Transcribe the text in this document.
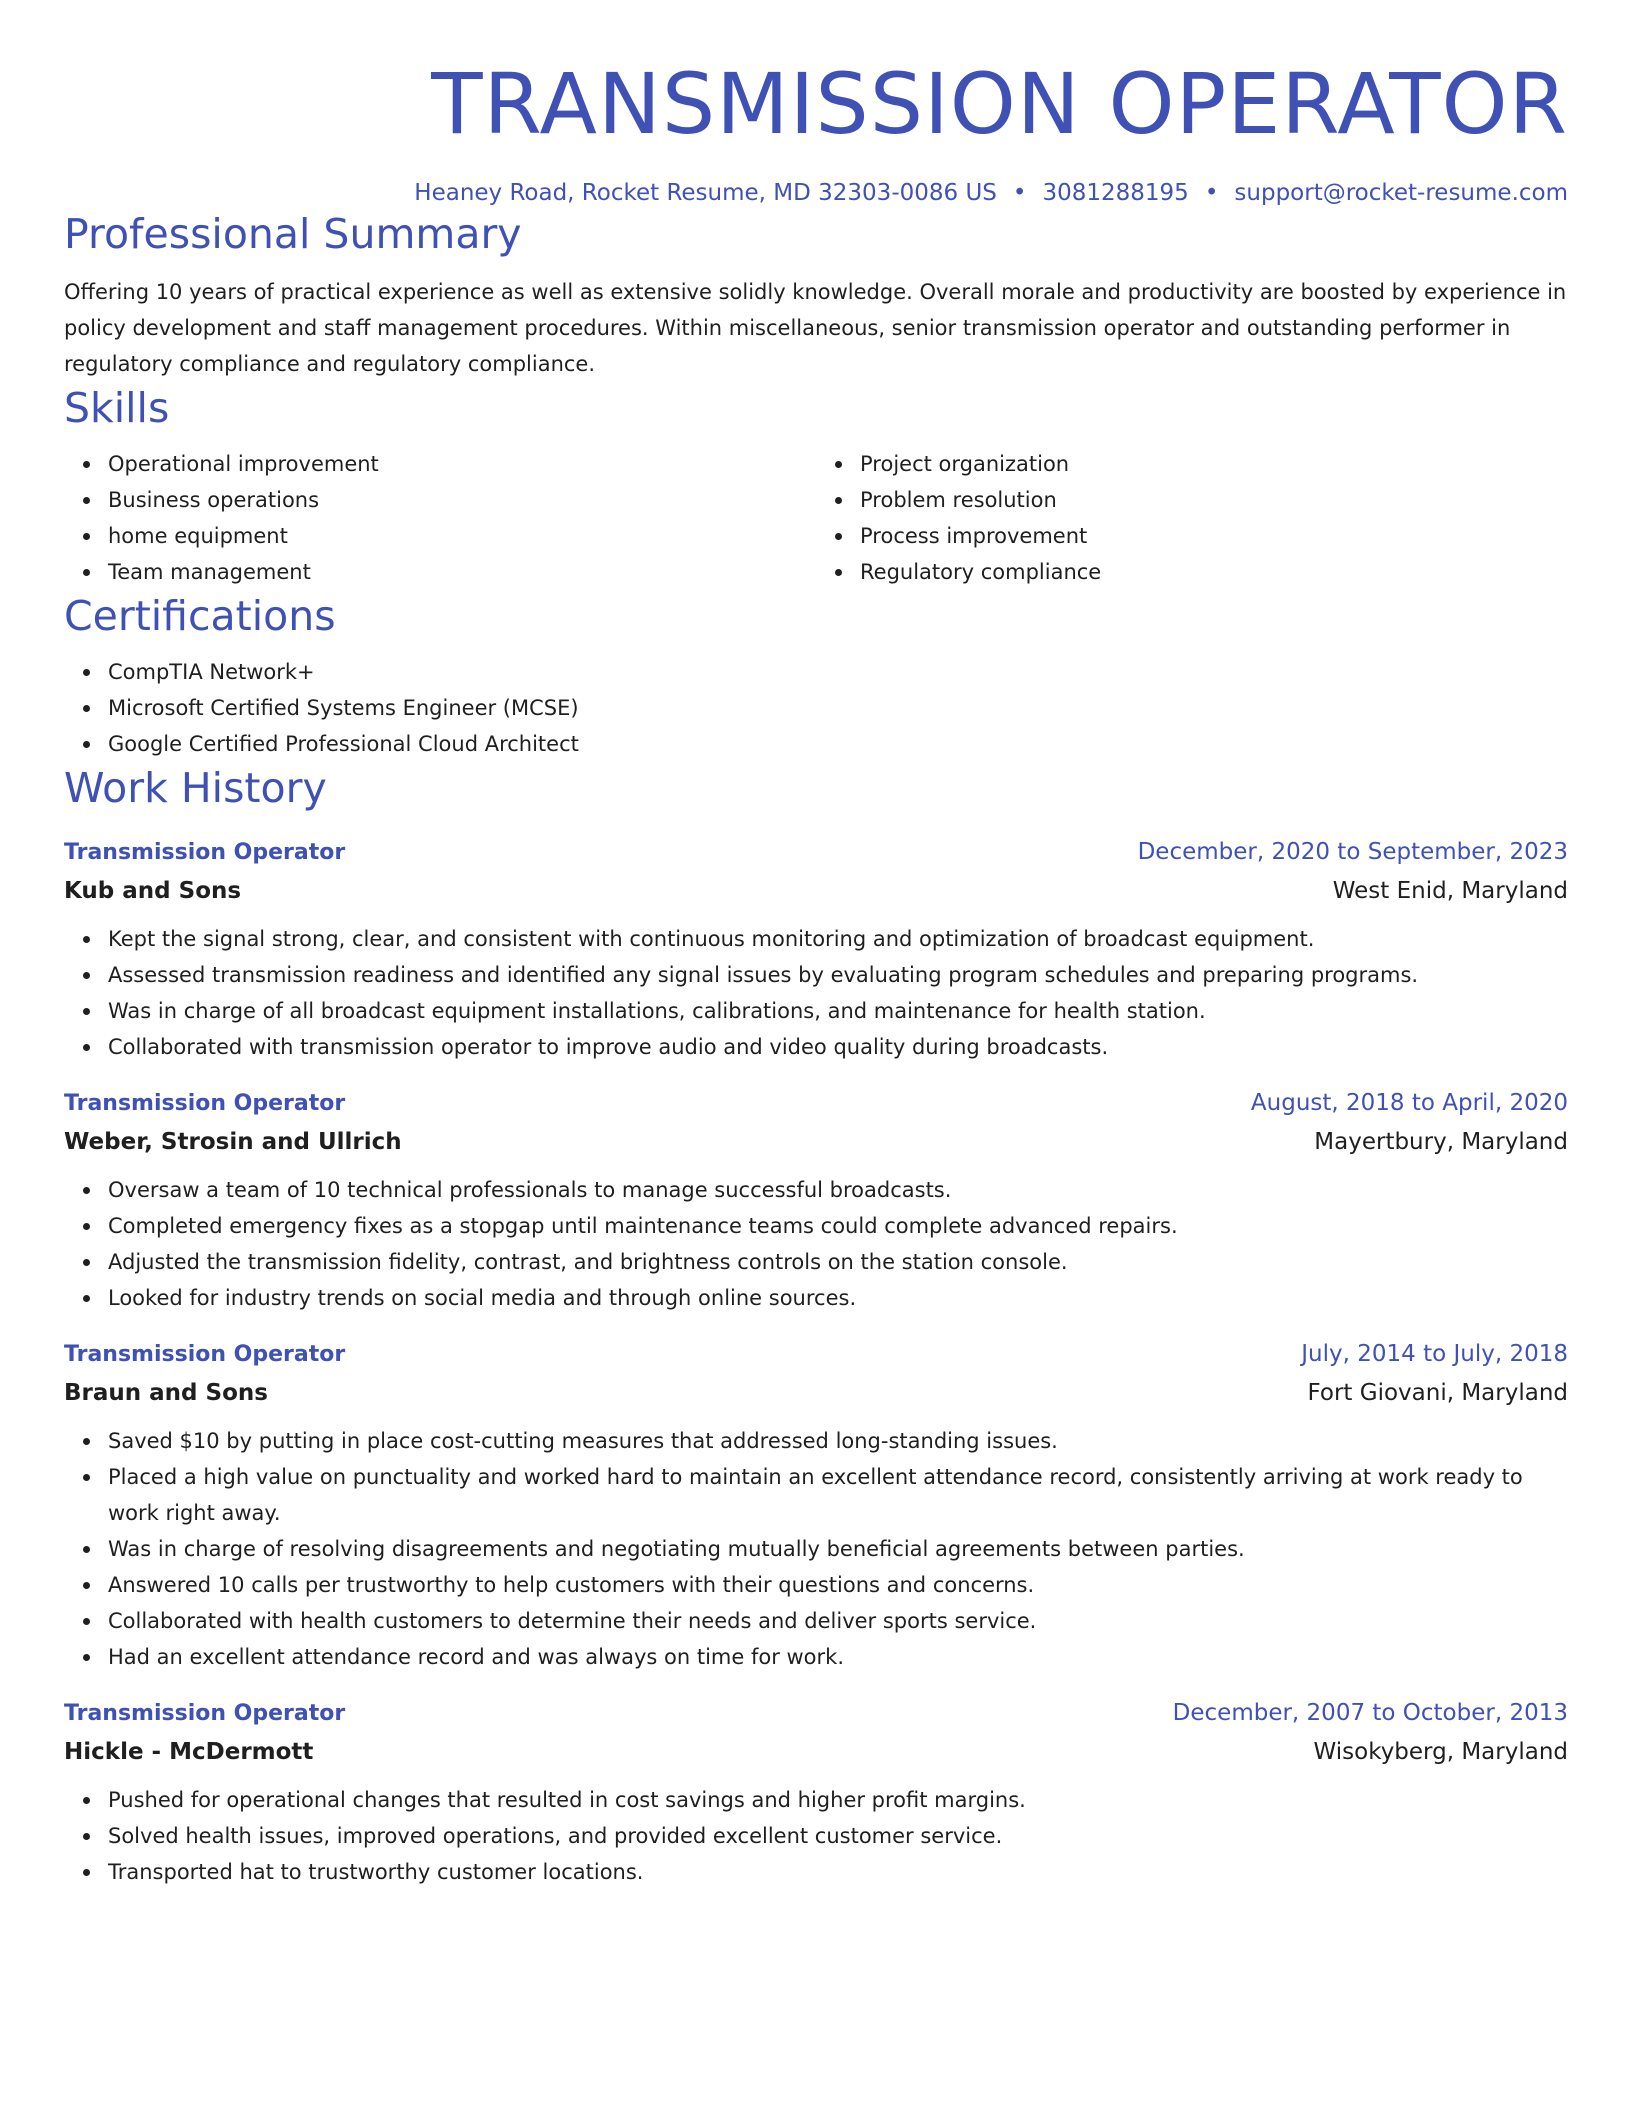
TRANSMISSION OPERATOR
Heaney Road, Rocket Resume, MD 32303-0086 US • 3081288195 • support@rocket-resume.com
Professional Summary
Offering 10 years of practical experience as well as extensive solidly knowledge. Overall morale and productivity are boosted by experience in policy development and staff management procedures. Within miscellaneous, senior transmission operator and outstanding performer in regulatory compliance and regulatory compliance.
Skills
Operational improvement
Business operations
home equipment
Team management
Project organization
Problem resolution
Process improvement
Regulatory compliance
Certifications
CompTIA Network+
Microsoft Certified Systems Engineer (MCSE)
Google Certified Professional Cloud Architect
Work History
Transmission Operator	December, 2020 to September, 2023
Kub and Sons	West Enid, Maryland
Kept the signal strong, clear, and consistent with continuous monitoring and optimization of broadcast equipment.
Assessed transmission readiness and identified any signal issues by evaluating program schedules and preparing programs.
Was in charge of all broadcast equipment installations, calibrations, and maintenance for health station.
Collaborated with transmission operator to improve audio and video quality during broadcasts.
Transmission Operator	August, 2018 to April, 2020
Weber, Strosin and Ullrich	Mayertbury, Maryland
Oversaw a team of 10 technical professionals to manage successful broadcasts.
Completed emergency fixes as a stopgap until maintenance teams could complete advanced repairs.
Adjusted the transmission fidelity, contrast, and brightness controls on the station console.
Looked for industry trends on social media and through online sources.
Transmission Operator	July, 2014 to July, 2018
Braun and Sons	Fort Giovani, Maryland
Saved $10 by putting in place cost-cutting measures that addressed long-standing issues.
Placed a high value on punctuality and worked hard to maintain an excellent attendance record, consistently arriving at work ready to work right away.
Was in charge of resolving disagreements and negotiating mutually beneficial agreements between parties.
Answered 10 calls per trustworthy to help customers with their questions and concerns.
Collaborated with health customers to determine their needs and deliver sports service.
Had an excellent attendance record and was always on time for work.
Transmission Operator	December, 2007 to October, 2013
Hickle - McDermott	Wisokyberg, Maryland
Pushed for operational changes that resulted in cost savings and higher profit margins.
Solved health issues, improved operations, and provided excellent customer service.
Transported hat to trustworthy customer locations.
